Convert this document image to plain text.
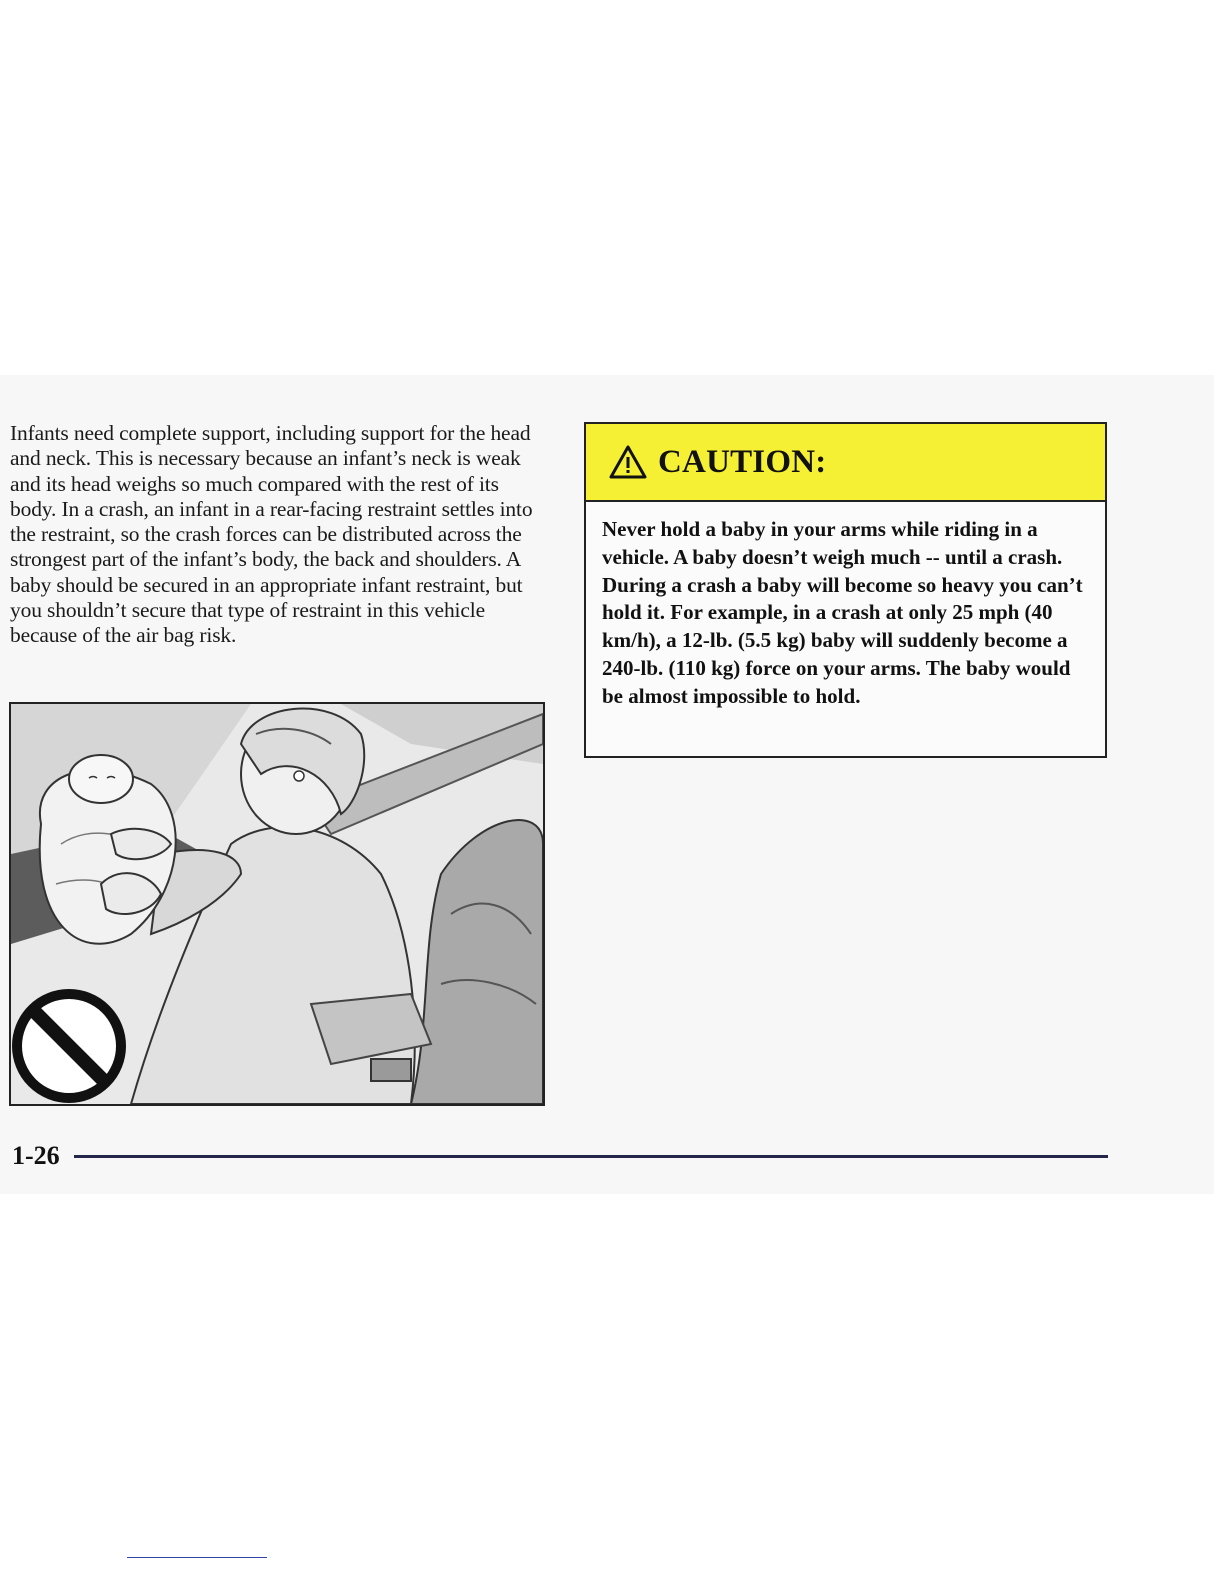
Infants need complete support, including support for the head and neck. This is necessary because an infant’s neck is weak and its head weighs so much compared with the rest of its body. In a crash, an infant in a rear-facing restraint settles into the restraint, so the crash forces can be distributed across the strongest part of the infant’s body, the back and shoulders. A baby should be secured in an appropriate infant restraint, but you shouldn’t secure that type of restraint in this vehicle because of the air bag risk.

CAUTION:

Never hold a baby in your arms while riding in a vehicle. A baby doesn’t weigh much -- until a crash. During a crash a baby will become so heavy you can’t hold it. For example, in a crash at only 25 mph (40 km/h), a 12-lb. (5.5 kg) baby will suddenly become a 240-lb. (110 kg) force on your arms. The baby would be almost impossible to hold.

1-26
